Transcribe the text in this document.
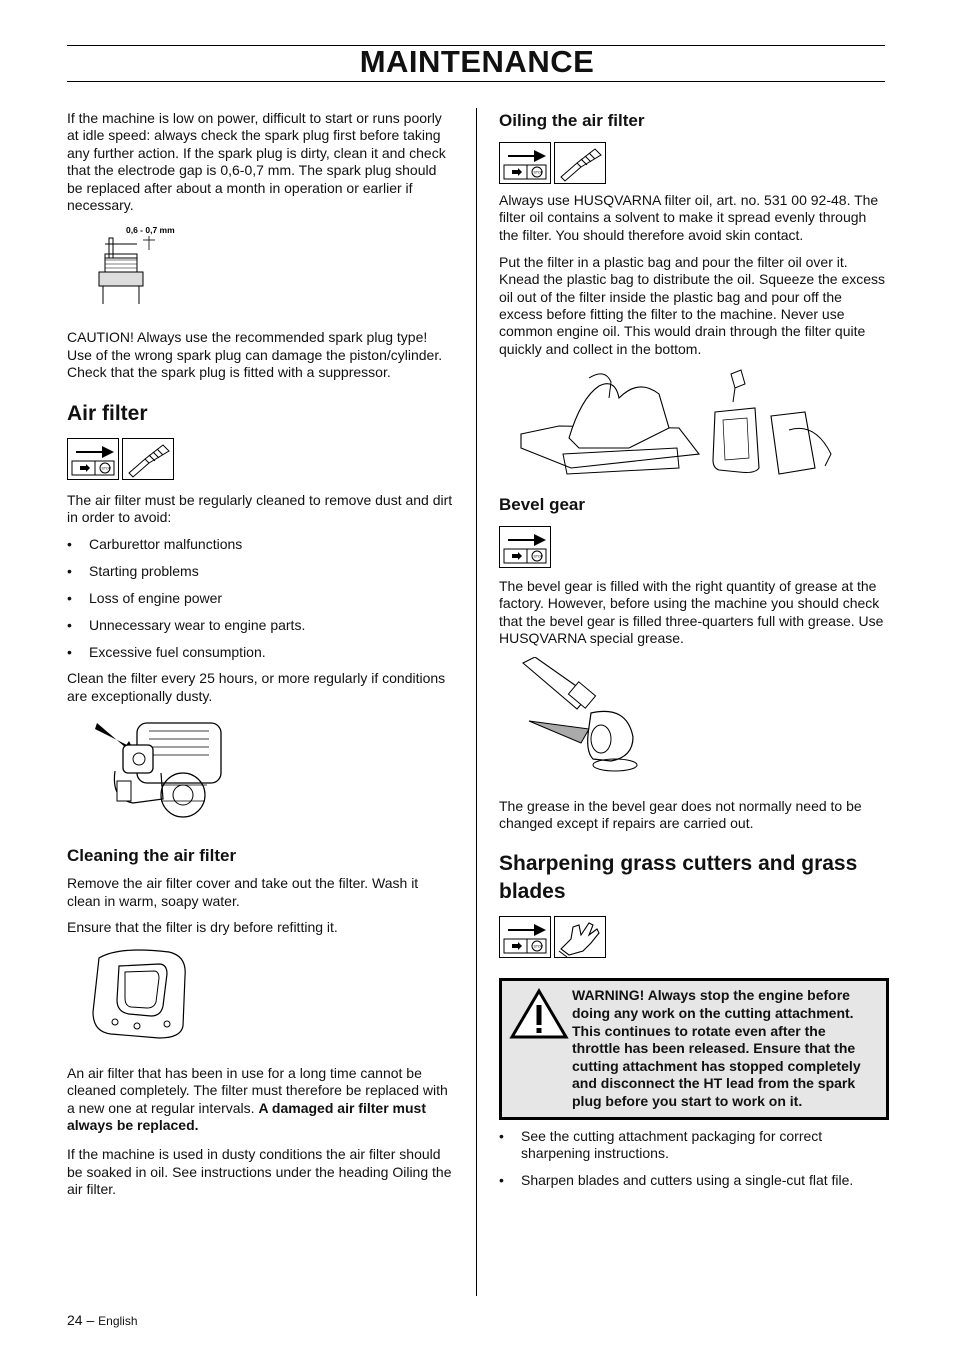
MAINTENANCE

If the machine is low on power, difficult to start or runs poorly at idle speed: always check the spark plug first before taking any further action. If the spark plug is dirty, clean it and check that the electrode gap is 0,6-0,7 mm. The spark plug should be replaced after about a month in operation or earlier if necessary.

0,6 - 0,7 mm

CAUTION! Always use the recommended spark plug type! Use of the wrong spark plug can damage the piston/cylinder. Check that the spark plug is fitted with a suppressor.

Air filter
STOP

The air filter must be regularly cleaned to remove dust and dirt in order to avoid:

• Carburettor malfunctions
• Starting problems
• Loss of engine power
• Unnecessary wear to engine parts.
• Excessive fuel consumption.

Clean the filter every 25 hours, or more regularly if conditions are exceptionally dusty.

Cleaning the air filter

Remove the air filter cover and take out the filter. Wash it clean in warm, soapy water.

Ensure that the filter is dry before refitting it.

An air filter that has been in use for a long time cannot be cleaned completely. The filter must therefore be replaced with a new one at regular intervals. A damaged air filter must always be replaced.

If the machine is used in dusty conditions the air filter should be soaked in oil. See instructions under the heading Oiling the air filter.

Oiling the air filter
STOP

Always use HUSQVARNA filter oil, art. no. 531 00 92-48. The filter oil contains a solvent to make it spread evenly through the filter. You should therefore avoid skin contact.

Put the filter in a plastic bag and pour the filter oil over it. Knead the plastic bag to distribute the oil. Squeeze the excess oil out of the filter inside the plastic bag and pour off the excess before fitting the filter to the machine. Never use common engine oil. This would drain through the filter quite quickly and collect in the bottom.

Bevel gear
STOP

The bevel gear is filled with the right quantity of grease at the factory. However, before using the machine you should check that the bevel gear is filled three-quarters full with grease. Use HUSQVARNA special grease.

The grease in the bevel gear does not normally need to be changed except if repairs are carried out.

Sharpening grass cutters and grass blades
STOP
WARNING! Always stop the engine before doing any work on the cutting attachment. This continues to rotate even after the throttle has been released. Ensure that the cutting attachment has stopped completely and disconnect the HT lead from the spark plug before you start to work on it.
• See the cutting attachment packaging for correct sharpening instructions.
• Sharpen blades and cutters using a single-cut flat file.
24 – English
